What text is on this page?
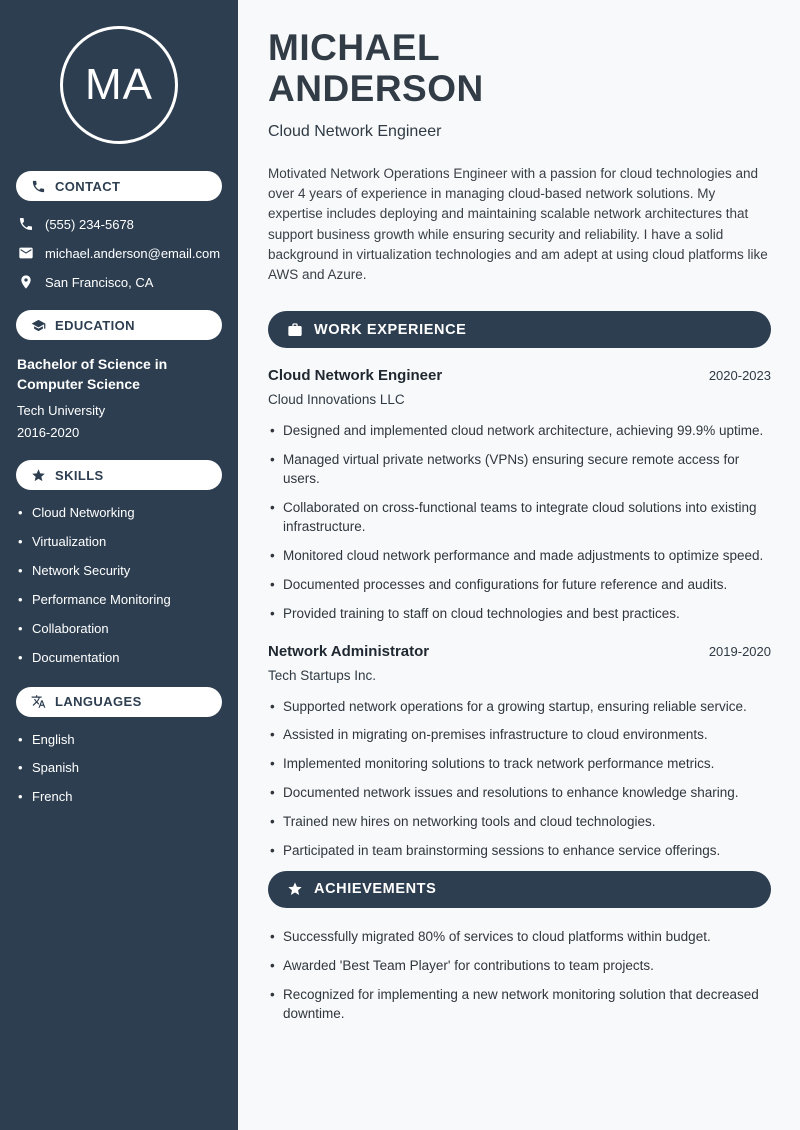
MA
CONTACT
(555) 234-5678
michael.anderson@email.com
San Francisco, CA
EDUCATION
Bachelor of Science in Computer Science
Tech University
2016-2020
SKILLS
• Cloud Networking
• Virtualization
• Network Security
• Performance Monitoring
• Collaboration
• Documentation
LANGUAGES
• English
• Spanish
• French
MICHAEL
ANDERSON
Cloud Network Engineer

Motivated Network Operations Engineer with a passion for cloud technologies and over 4 years of experience in managing cloud-based network solutions. My expertise includes deploying and maintaining scalable network architectures that support business growth while ensuring security and reliability. I have a solid background in virtualization technologies and am adept at using cloud platforms like AWS and Azure.

WORK EXPERIENCE
Cloud Network Engineer	2020-2023
Cloud Innovations LLC
• Designed and implemented cloud network architecture, achieving 99.9% uptime.
• Managed virtual private networks (VPNs) ensuring secure remote access for users.
• Collaborated on cross-functional teams to integrate cloud solutions into existing infrastructure.
• Monitored cloud network performance and made adjustments to optimize speed.
• Documented processes and configurations for future reference and audits.
• Provided training to staff on cloud technologies and best practices.
Network Administrator	2019-2020
Tech Startups Inc.
• Supported network operations for a growing startup, ensuring reliable service.
• Assisted in migrating on-premises infrastructure to cloud environments.
• Implemented monitoring solutions to track network performance metrics.
• Documented network issues and resolutions to enhance knowledge sharing.
• Trained new hires on networking tools and cloud technologies.
• Participated in team brainstorming sessions to enhance service offerings.
ACHIEVEMENTS
• Successfully migrated 80% of services to cloud platforms within budget.
• Awarded 'Best Team Player' for contributions to team projects.
• Recognized for implementing a new network monitoring solution that decreased downtime.
